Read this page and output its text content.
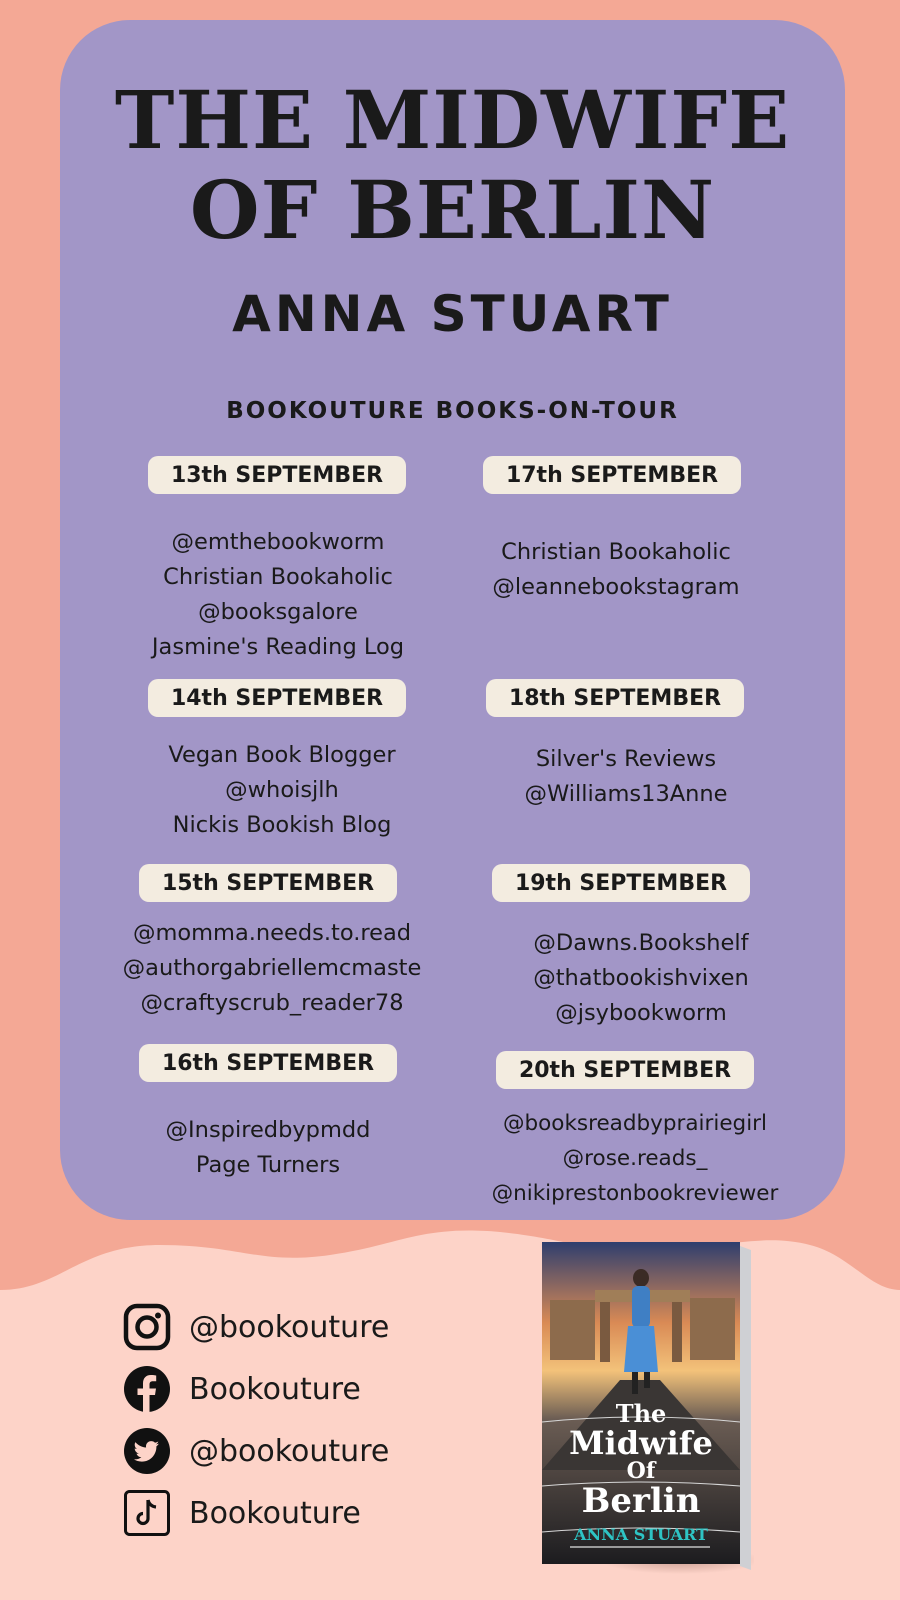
THE MIDWIFE
OF BERLIN
ANNA STUART
BOOKOUTURE BOOKS-ON-TOUR
13th SEPTEMBER
@emthebookworm
Christian Bookaholic
@booksgalore
Jasmine's Reading Log
14th SEPTEMBER
Vegan Book Blogger
@whoisjlh
Nickis Bookish Blog
15th SEPTEMBER
@momma.needs.to.read
@authorgabriellemcmaste
@craftyscrub_reader78
16th SEPTEMBER
@Inspiredbypmdd
Page Turners
17th SEPTEMBER
Christian Bookaholic
@leannebookstagram
18th SEPTEMBER
Silver's Reviews
@Williams13Anne
19th SEPTEMBER
@Dawns.Bookshelf
@thatbookishvixen
@jsybookworm
20th SEPTEMBER
@booksreadbyprairiegirl
@rose.reads_
@nikiprestonbookreviewer
@bookouture
Bookouture
@bookouture
Bookouture
The
Midwife
Of
Berlin
ANNA STUART
